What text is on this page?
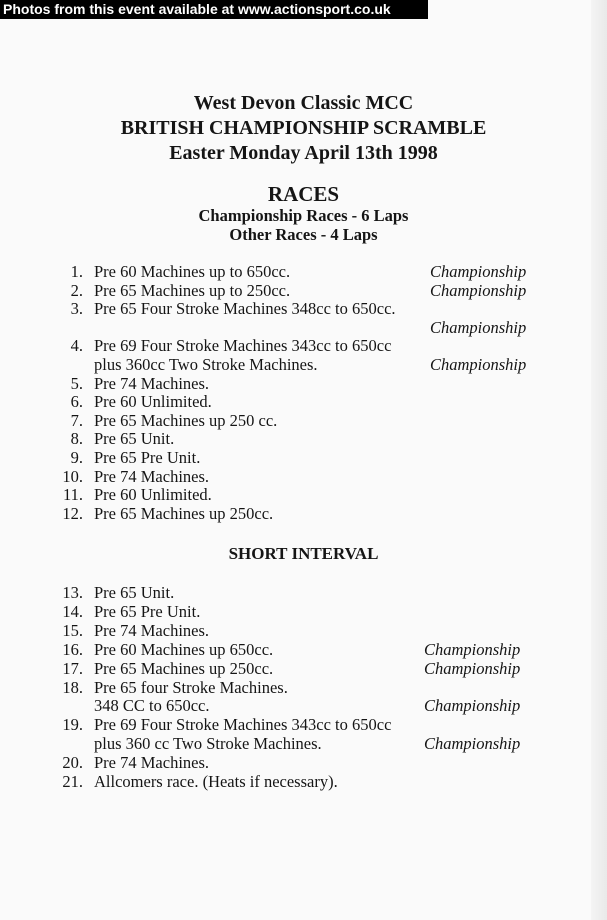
Photos from this event available at www.actionsport.co.uk
West Devon Classic MCC
BRITISH CHAMPIONSHIP SCRAMBLE
Easter Monday April 13th 1998
RACES
Championship Races - 6 Laps
Other Races - 4 Laps
1. Pre 60 Machines up to 650cc.	Championship
2. Pre 65 Machines up to 250cc.	Championship
3. Pre 65 Four Stroke Machines 348cc to 650cc.
Championship
4. Pre 69 Four Stroke Machines 343cc to 650cc
plus 360cc Two Stroke Machines.	Championship
5. Pre 74 Machines.
6. Pre 60 Unlimited.
7. Pre 65 Machines up 250 cc.
8. Pre 65 Unit.
9. Pre 65 Pre Unit.
10. Pre 74 Machines.
11. Pre 60 Unlimited.
12. Pre 65 Machines up 250cc.
SHORT INTERVAL
13. Pre 65 Unit.
14. Pre 65 Pre Unit.
15. Pre 74 Machines.
16. Pre 60 Machines up 650cc.	Championship
17. Pre 65 Machines up 250cc.	Championship
18. Pre 65 four Stroke Machines.
348 CC to 650cc.	Championship
19. Pre 69 Four Stroke Machines 343cc to 650cc
plus 360 cc Two Stroke Machines.	Championship
20. Pre 74 Machines.
21. Allcomers race. (Heats if necessary).
